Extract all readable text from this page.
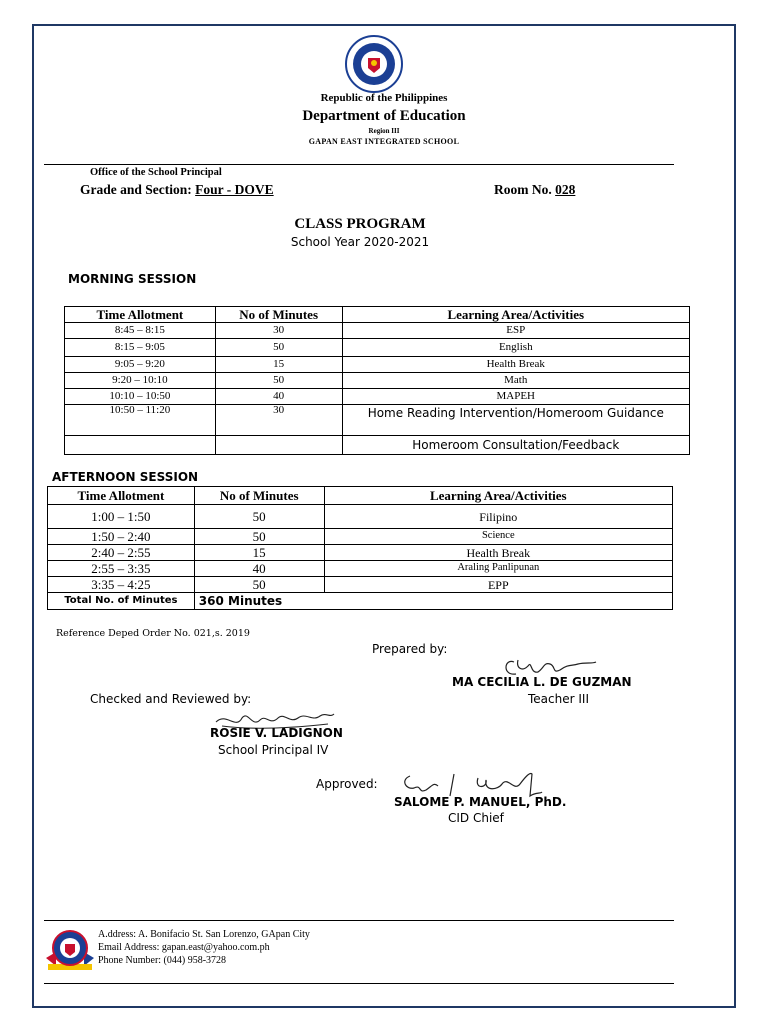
Republic of the Philippines
Department of Education
Region III
GAPAN EAST INTEGRATED SCHOOL
Office of the School Principal
Grade and Section: Four - DOVE	Room No. 028
CLASS PROGRAM
School Year 2020-2021
MORNING SESSION
Time Allotment	No of Minutes	Learning Area/Activities
8:45 – 8:15	30	ESP
8:15 – 9:05	50	English
9:05 – 9:20	15	Health Break
9:20 – 10:10	50	Math
10:10 – 10:50	40	MAPEH
10:50 – 11:20	30	Home Reading Intervention/Homeroom Guidance
		Homeroom Consultation/Feedback
AFTERNOON SESSION
Time Allotment	No of Minutes	Learning Area/Activities
1:00 – 1:50	50	Filipino
1:50 – 2:40	50	Science
2:40 – 2:55	15	Health Break
2:55 – 3:35	40	Araling Panlipunan
3:35 – 4:25	50	EPP
Total No. of Minutes	360 Minutes	
Reference Deped Order No. 021,s. 2019
Prepared by:
MA CECILIA L. DE GUZMAN
Teacher III
Checked and Reviewed by:
ROSIE V. LADIGNON
School Principal IV
Approved:
SALOME P. MANUEL, PhD.
CID Chief
A.ddress: A. Bonifacio St. San Lorenzo, GApan City
Email Address: gapan.east@yahoo.com.ph
Phone Number: (044) 958-3728
